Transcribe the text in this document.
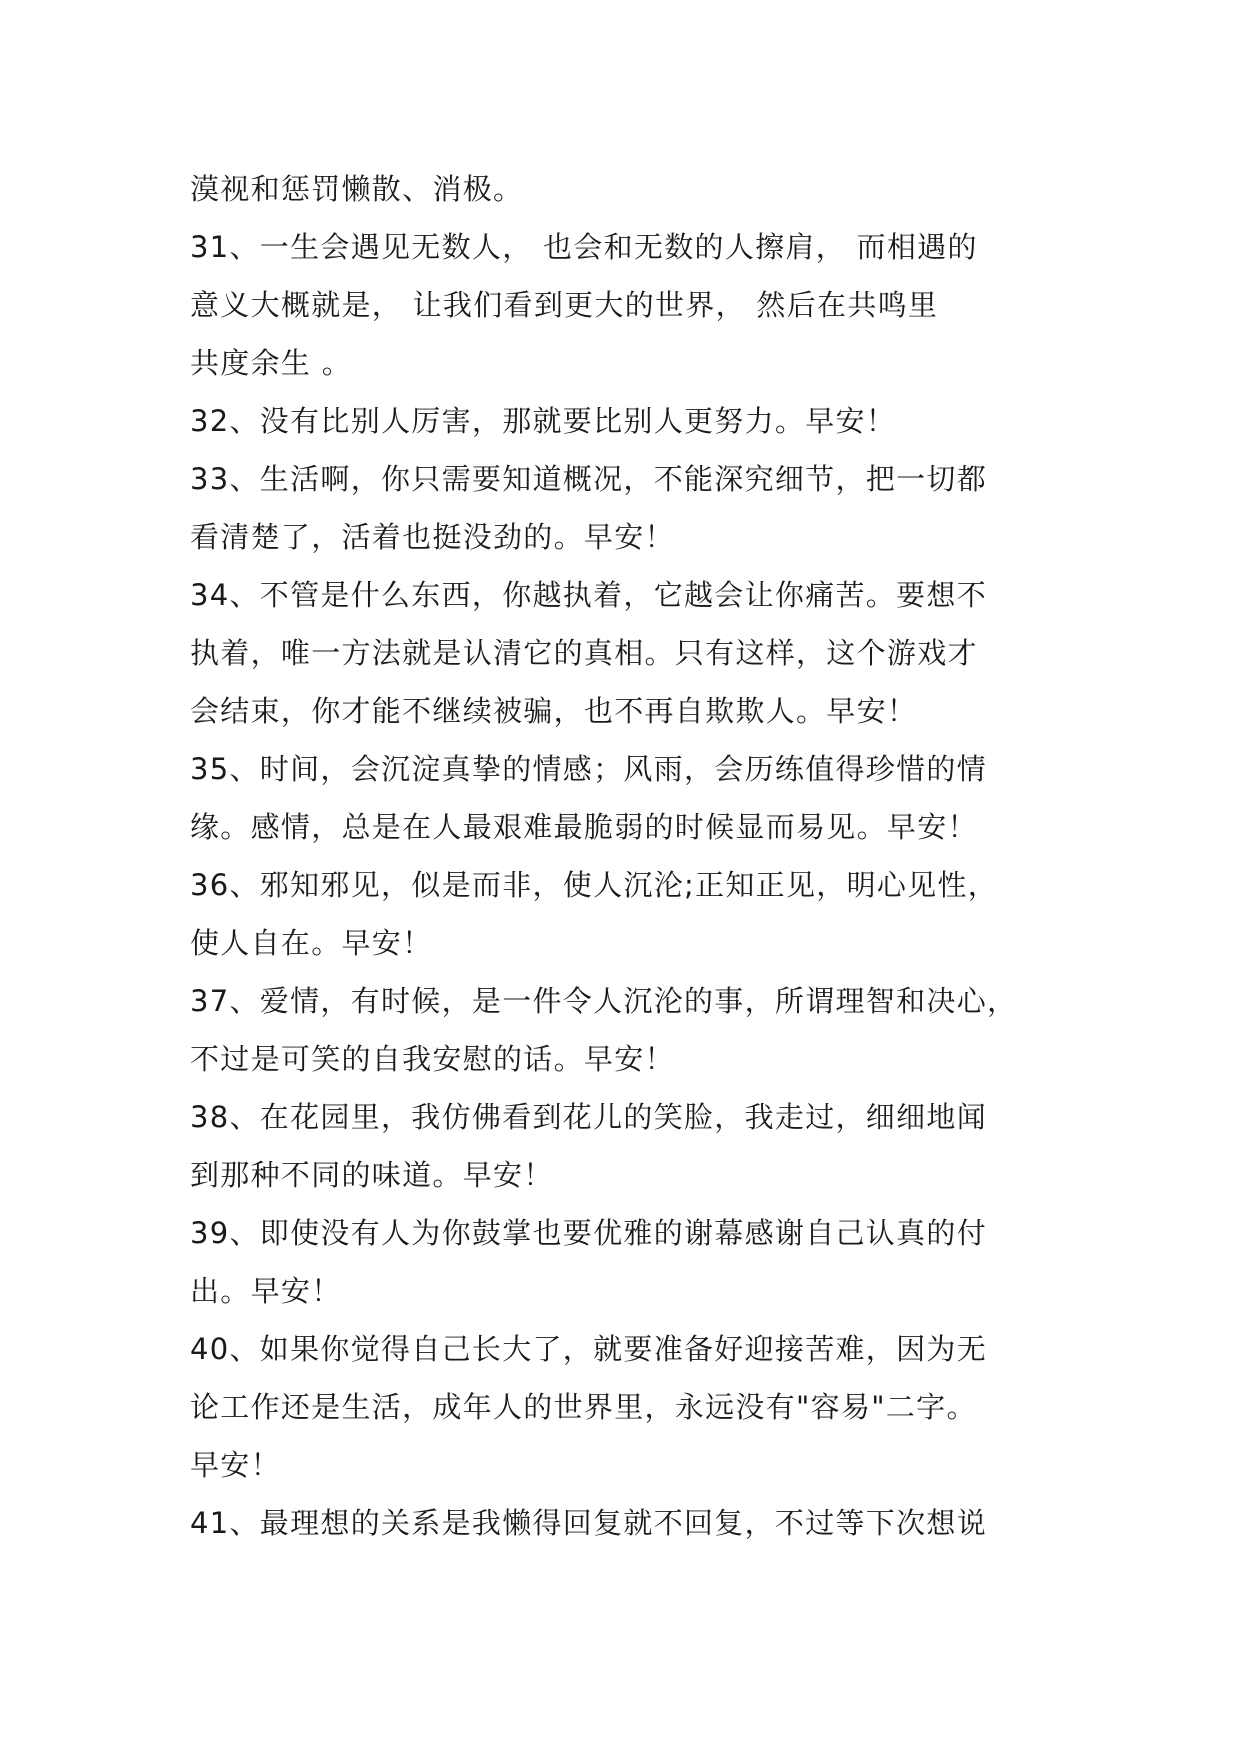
漠视和惩罚懒散、消极。
31、一生会遇见无数人， 也会和无数的人擦肩， 而相遇的
意义大概就是， 让我们看到更大的世界， 然后在共鸣里
共度余生 。
32、没有比别人厉害，那就要比别人更努力。早安！
33、生活啊，你只需要知道概况，不能深究细节，把一切都
看清楚了，活着也挺没劲的。早安！
34、不管是什么东西，你越执着，它越会让你痛苦。要想不
执着，唯一方法就是认清它的真相。只有这样，这个游戏才
会结束，你才能不继续被骗，也不再自欺欺人。早安！
35、时间，会沉淀真挚的情感；风雨，会历练值得珍惜的情
缘。感情，总是在人最艰难最脆弱的时候显而易见。早安！
36、邪知邪见，似是而非，使人沉沦;正知正见，明心见性，
使人自在。早安！
37、爱情，有时候，是一件令人沉沦的事，所谓理智和决心，
不过是可笑的自我安慰的话。早安！
38、在花园里，我仿佛看到花儿的笑脸，我走过，细细地闻
到那种不同的味道。早安！
39、即使没有人为你鼓掌也要优雅的谢幕感谢自己认真的付
出。早安！
40、如果你觉得自己长大了，就要准备好迎接苦难，因为无
论工作还是生活，成年人的世界里，永远没有"容易"二字。
早安！
41、最理想的关系是我懒得回复就不回复，不过等下次想说
